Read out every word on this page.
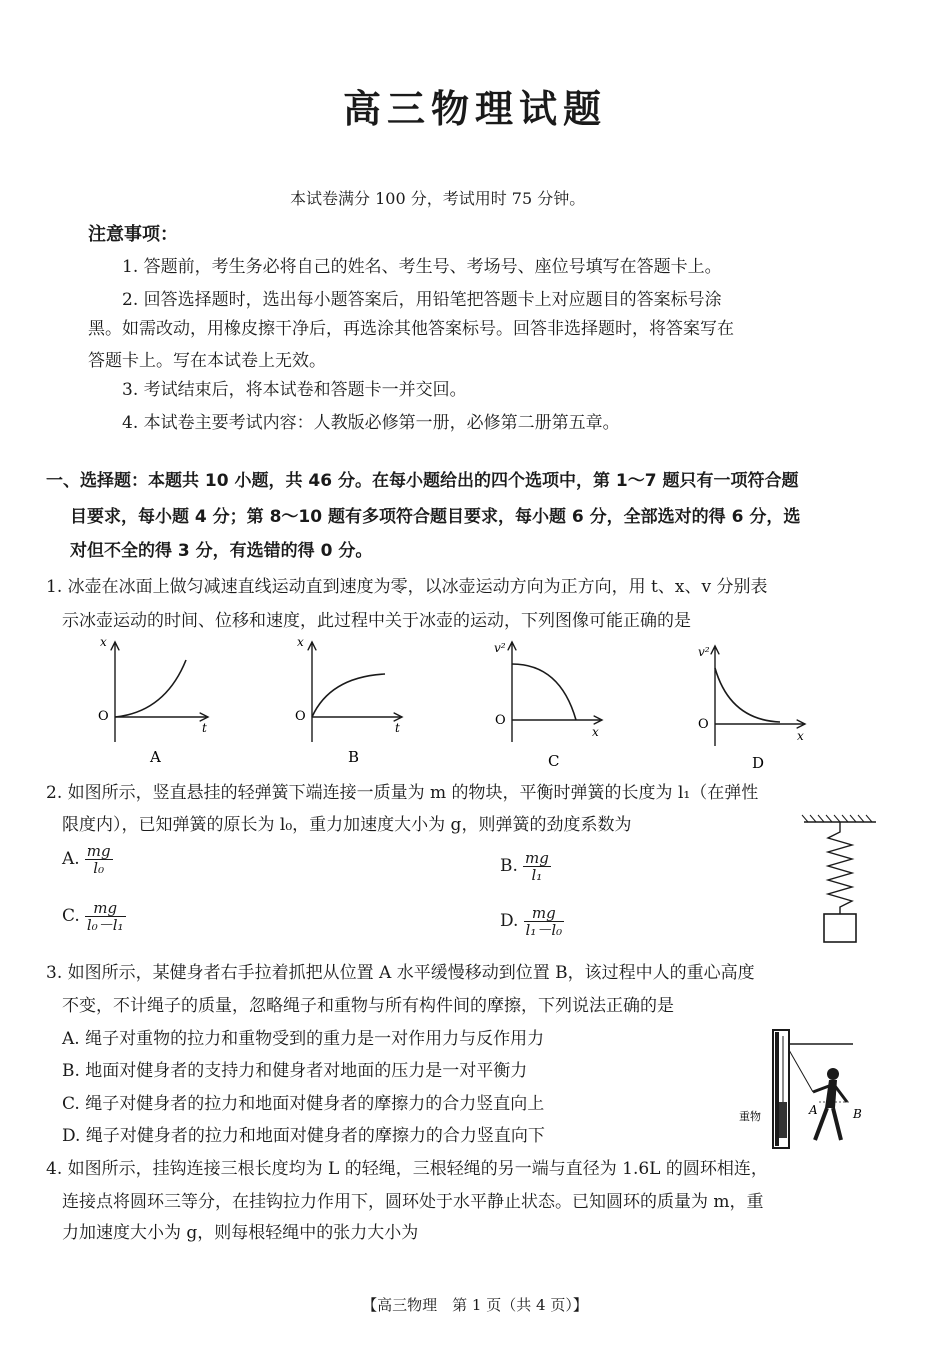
高三物理试题
本试卷满分 100 分，考试用时 75 分钟。
注意事项：
1. 答题前，考生务必将自己的姓名、考生号、考场号、座位号填写在答题卡上。
2. 回答选择题时，选出每小题答案后，用铅笔把答题卡上对应题目的答案标号涂
黑。如需改动，用橡皮擦干净后，再选涂其他答案标号。回答非选择题时，将答案写在
答题卡上。写在本试卷上无效。
3. 考试结束后，将本试卷和答题卡一并交回。
4. 本试卷主要考试内容：人教版必修第一册，必修第二册第五章。
一、选择题：本题共 10 小题，共 46 分。在每小题给出的四个选项中，第 1～7 题只有一项符合题
目要求，每小题 4 分；第 8～10 题有多项符合题目要求，每小题 6 分，全部选对的得 6 分，选
对但不全的得 3 分，有选错的得 0 分。
1. 冰壶在冰面上做匀减速直线运动直到速度为零，以冰壶运动方向为正方向，用 t、x、v 分别表
示冰壶运动的时间、位移和速度，此过程中关于冰壶的运动，下列图像可能正确的是
O
x
t
A
O
x
t
B
O
v²
x
C
O
v²
x
D
2. 如图所示，竖直悬挂的轻弹簧下端连接一质量为 m 的物块，平衡时弹簧的长度为 l₁（在弹性
限度内），已知弹簧的原长为 l₀，重力加速度大小为 g，则弹簧的劲度系数为
A. $\frac{mg}{\text{l₀}}$	B. $\frac{mg}{\text{l₁}}$
C. $\frac{mg}{\text{l₀－l₁}}$	D. $\frac{mg}{\text{l₁－l₀}}$
3. 如图所示，某健身者右手拉着抓把从位置 A 水平缓慢移动到位置 B，该过程中人的重心高度
不变，不计绳子的质量，忽略绳子和重物与所有构件间的摩擦，下列说法正确的是
A. 绳子对重物的拉力和重物受到的重力是一对作用力与反作用力
B. 地面对健身者的支持力和健身者对地面的压力是一对平衡力
C. 绳子对健身者的拉力和地面对健身者的摩擦力的合力竖直向上
D. 绳子对健身者的拉力和地面对健身者的摩擦力的合力竖直向下
重物	A	B
4. 如图所示，挂钩连接三根长度均为 L 的轻绳，三根轻绳的另一端与直径为 1.6L 的圆环相连，
连接点将圆环三等分，在挂钩拉力作用下，圆环处于水平静止状态。已知圆环的质量为 m，重
力加速度大小为 g，则每根轻绳中的张力大小为
【高三物理　第 1 页（共 4 页）】
